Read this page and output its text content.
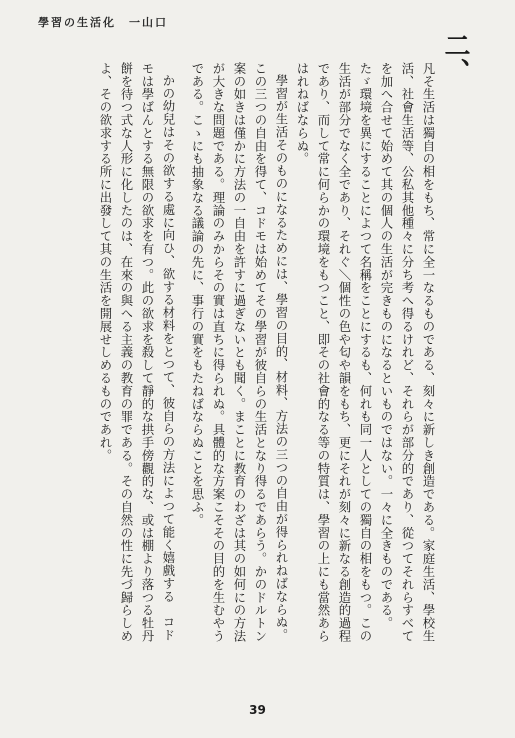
學習の生活化　一山口
二、

凡そ生活は獨自の相をもち、常に全一なるものである、刻々に新しき創造である。家庭生活、學校生活、社會生活等、公私其他種々に分ち考へ得るけれど、それらが部分的であり、從つてそれらすべてを加へ合せて始めて其の個人の生活が完きものになるといものではない。一々に全きものである。たゞ環境を異にすることによつて名稱をことにするも、何れも同一人としての獨自の相をもつ。この生活が部分でなく全であり、それぐ＼個性の色や匂や韻をもち、更にそれが刻々に新なる創造的過程であり、而して常に何らかの環境をもつこと、即その社會的なる等の特質は、學習の上にも當然あらはれねばならぬ。

學習が生活そのものになるためには、學習の目的、材料、方法の三つの自由が得られねばならぬ。この三つの自由を得て、コドモは始めてその學習が彼自らの生活となり得るであらう。かのドルトン案の如きは僅かに方法の一自由を許すに過ぎないとも聞く。まことに教育のわざは其の如何にの方法が大きな問題である。理論のみからその實は直ちに得られぬ。具體的な方案こそその目的を生むやうである。こゝにも抽象なる議論の先に、事行の實をもたねばならぬことを思ふ。

かの幼兒はその欲する處に向ひ、欲する材料をとつて、彼自らの方法によつて能く嬉戲する　コドモは學ばんとする無限の欲求を有つ。此の欲求を殺して靜的な拱手傍觀的な、或は棚より落つる牡丹餅を待つ式な人形に化したのは、在來の與へる主義の教育の罪である。その自然の性に先づ歸らしめよ、その欲求する所に出發して其の生活を開展せしめるものであれ。

39
